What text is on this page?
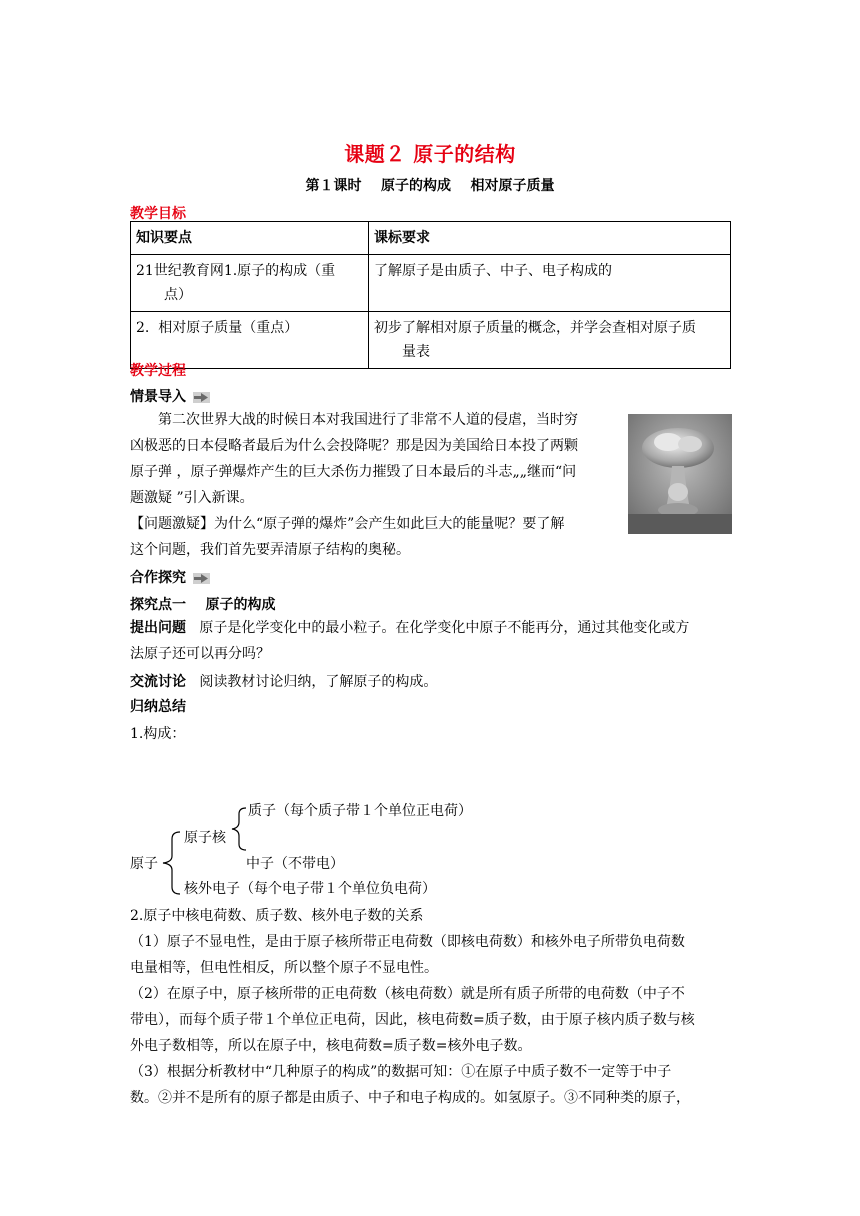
课题２ 原子的结构
第１课时    原子的构成    相对原子质量
教学目标
知识要点	课标要求

21世纪教育网1.原子的构成（重
点）	了解原子是由质子、中子、电子构成的

2.  相对原子质量（重点）	初步了解相对原子质量的概念，并学会查相对原子质
量表
教学过程
情景导入
第二次世界大战的时候日本对我国进行了非常不人道的侵虐，当时穷
凶极恶的日本侵略者最后为什么会投降呢？那是因为美国给日本投了两颗
原子弹 ，原子弹爆炸产生的巨大杀伤力摧毁了日本最后的斗志„„继而“问
题激疑 ”引入新课。
【问题激疑】为什么“原子弹的爆炸”会产生如此巨大的能量呢？要了解
这个问题，我们首先要弄清原子结构的奥秘。
合作探究
探究点一    原子的构成
提出问题   原子是化学变化中的最小粒子。在化学变化中原子不能再分，通过其他变化或方
法原子还可以再分吗？
交流讨论   阅读教材讨论归纳，了解原子的构成。
归纳总结
1.构成：
质子（每个质子带１个单位正电荷）
原子核
原子	中子（不带电）
核外电子（每个电子带１个单位负电荷）
2.原子中核电荷数、质子数、核外电子数的关系
（1）原子不显电性，是由于原子核所带正电荷数（即核电荷数）和核外电子所带负电荷数
电量相等，但电性相反，所以整个原子不显电性。
（2）在原子中，原子核所带的正电荷数（核电荷数）就是所有质子所带的电荷数（中子不
带电），而每个质子带１个单位正电荷，因此，核电荷数=质子数，由于原子核内质子数与核
外电子数相等，所以在原子中，核电荷数=质子数=核外电子数。
（3）根据分析教材中“几种原子的构成”的数据可知：①在原子中质子数不一定等于中子
数。②并不是所有的原子都是由质子、中子和电子构成的。如氢原子。③不同种类的原子，
